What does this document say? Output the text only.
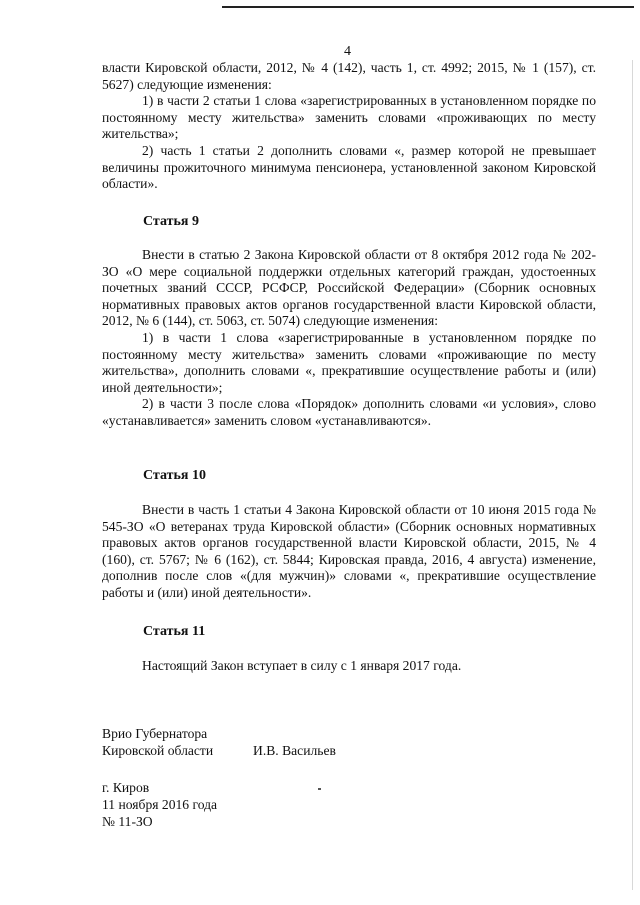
4

власти Кировской области, 2012, № 4 (142), часть 1, ст. 4992; 2015, № 1 (157), ст. 5627) следующие изменения:

1) в части 2 статьи 1 слова «зарегистрированных в установленном порядке по постоянному месту жительства» заменить словами «проживающих по месту жительства»;

2) часть 1 статьи 2 дополнить словами «, размер которой не превышает величины прожиточного минимума пенсионера, установленной законом Кировской области».

Статья 9

Внести в статью 2 Закона Кировской области от 8 октября 2012 года № 202-ЗО «О мере социальной поддержки отдельных категорий граждан, удостоенных почетных званий СССР, РСФСР, Российской Федерации» (Сборник основных нормативных правовых актов органов государственной власти Кировской области, 2012, № 6 (144), ст. 5063, ст. 5074) следующие изменения:

1) в части 1 слова «зарегистрированные в установленном порядке по постоянному месту жительства» заменить словами «проживающие по месту жительства», дополнить словами «, прекратившие осуществление работы и (или) иной деятельности»;

2) в части 3 после слова «Порядок» дополнить словами «и условия», слово «устанавливается» заменить словом «устанавливаются».

Статья 10

Внести в часть 1 статьи 4 Закона Кировской области от 10 июня 2015 года № 545-ЗО «О ветеранах труда Кировской области» (Сборник основных нормативных правовых актов органов государственной власти Кировской области, 2015, № 4 (160), ст. 5767; № 6 (162), ст. 5844; Кировская правда, 2016, 4 августа) изменение, дополнив после слов «(для мужчин)» словами «, прекратившие осуществление работы и (или) иной деятельности».

Статья 11
Настоящий Закон вступает в силу с 1 января 2017 года.
Врио Губернатора
Кировской области	И.В. Васильев
г. Киров
11 ноября 2016 года
№ 11-ЗО
